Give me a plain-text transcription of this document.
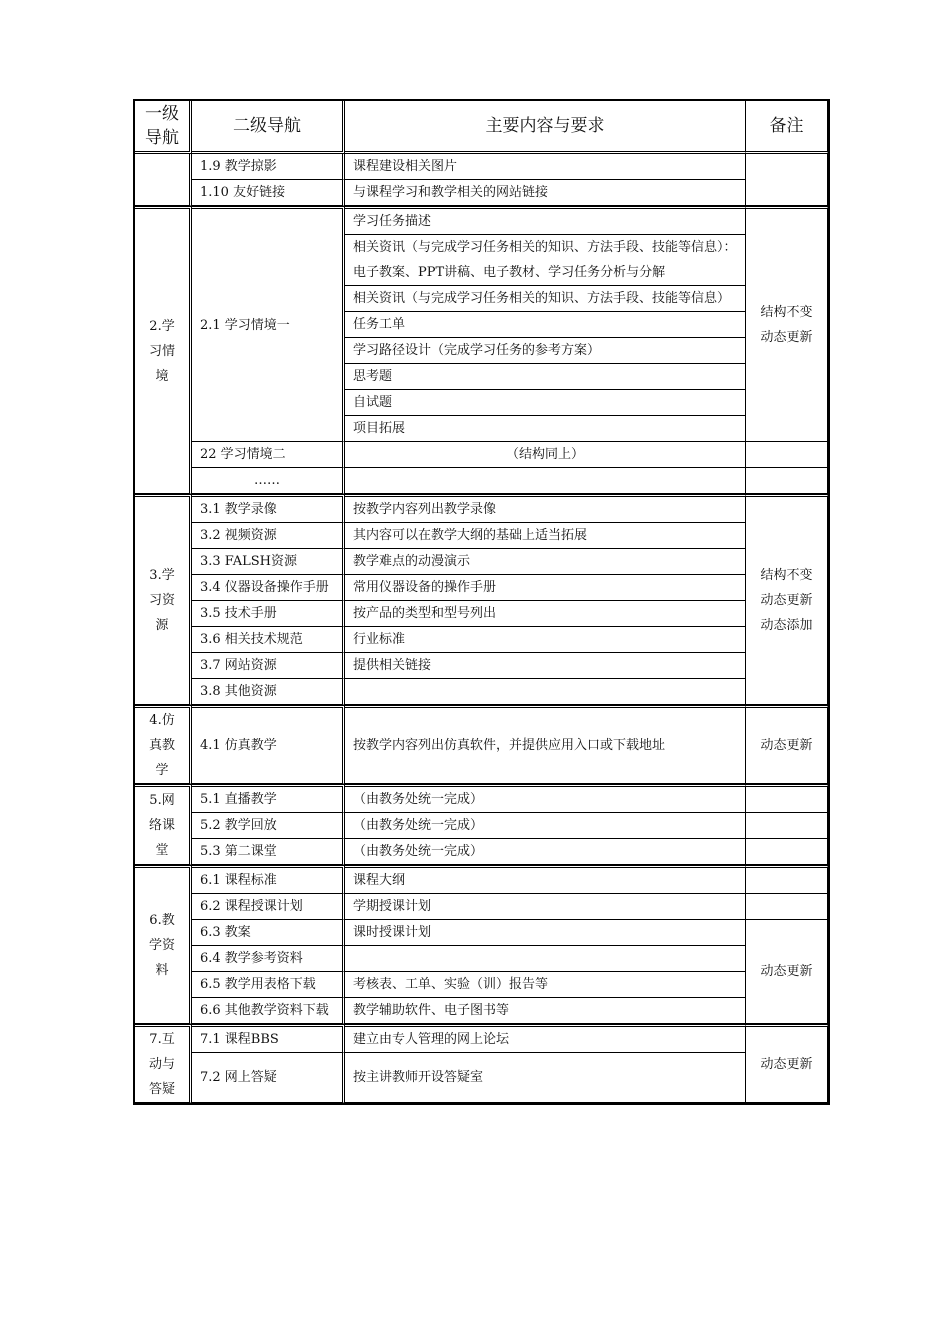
一级导航	二级导航	主要内容与要求	备注
	1.9 教学掠影	课程建设相关图片	
	1.10 友好链接	与课程学习和教学相关的网站链接	

2.学习情境	2.1 学习情境一	学习任务描述	结构不变动态更新

		相关资讯（与完成学习任务相关的知识、方法手段、技能等信息）：电子教案、PPT讲稿、电子教材、学习任务分析与分解	
		相关资讯（与完成学习任务相关的知识、方法手段、技能等信息）	
		任务工单	
		学习路径设计（完成学习任务的参考方案）	
		思考题	
		自试题	
		项目拓展	
	22 学习情境二	（结构同上）	
	……		

3.学习资源	3.1 教学录像	按教学内容列出教学录像	结构不变动态更新动态添加

	3.2 视频资源	其内容可以在教学大纲的基础上适当拓展	
	3.3 FALSH资源	教学难点的动漫演示	
	3.4 仪器设备操作手册	常用仪器设备的操作手册	
	3.5 技术手册	按产品的类型和型号列出	
	3.6 相关技术规范	行业标准	
	3.7 网站资源	提供相关链接	
	3.8 其他资源		

4.仿真教学	4.1 仿真教学	按教学内容列出仿真软件，并提供应用入口或下载地址	动态更新

5.网络课堂	5.1 直播教学	（由教务处统一完成）	
	5.2 教学回放	（由教务处统一完成）	
	5.3 第二课堂	（由教务处统一完成）	

6.教学资料	6.1 课程标准	课程大纲	
	6.2 课程授课计划	学期授课计划	
	6.3 教案	课时授课计划	动态更新
	6.4 教学参考资料		
	6.5 教学用表格下载	考核表、工单、实验（训）报告等	
	6.6 其他教学资料下载	教学辅助软件、电子图书等	

7.互动与答疑	7.1 课程BBS	建立由专人管理的网上论坛	动态更新
	7.2 网上答疑	按主讲教师开设答疑室	
